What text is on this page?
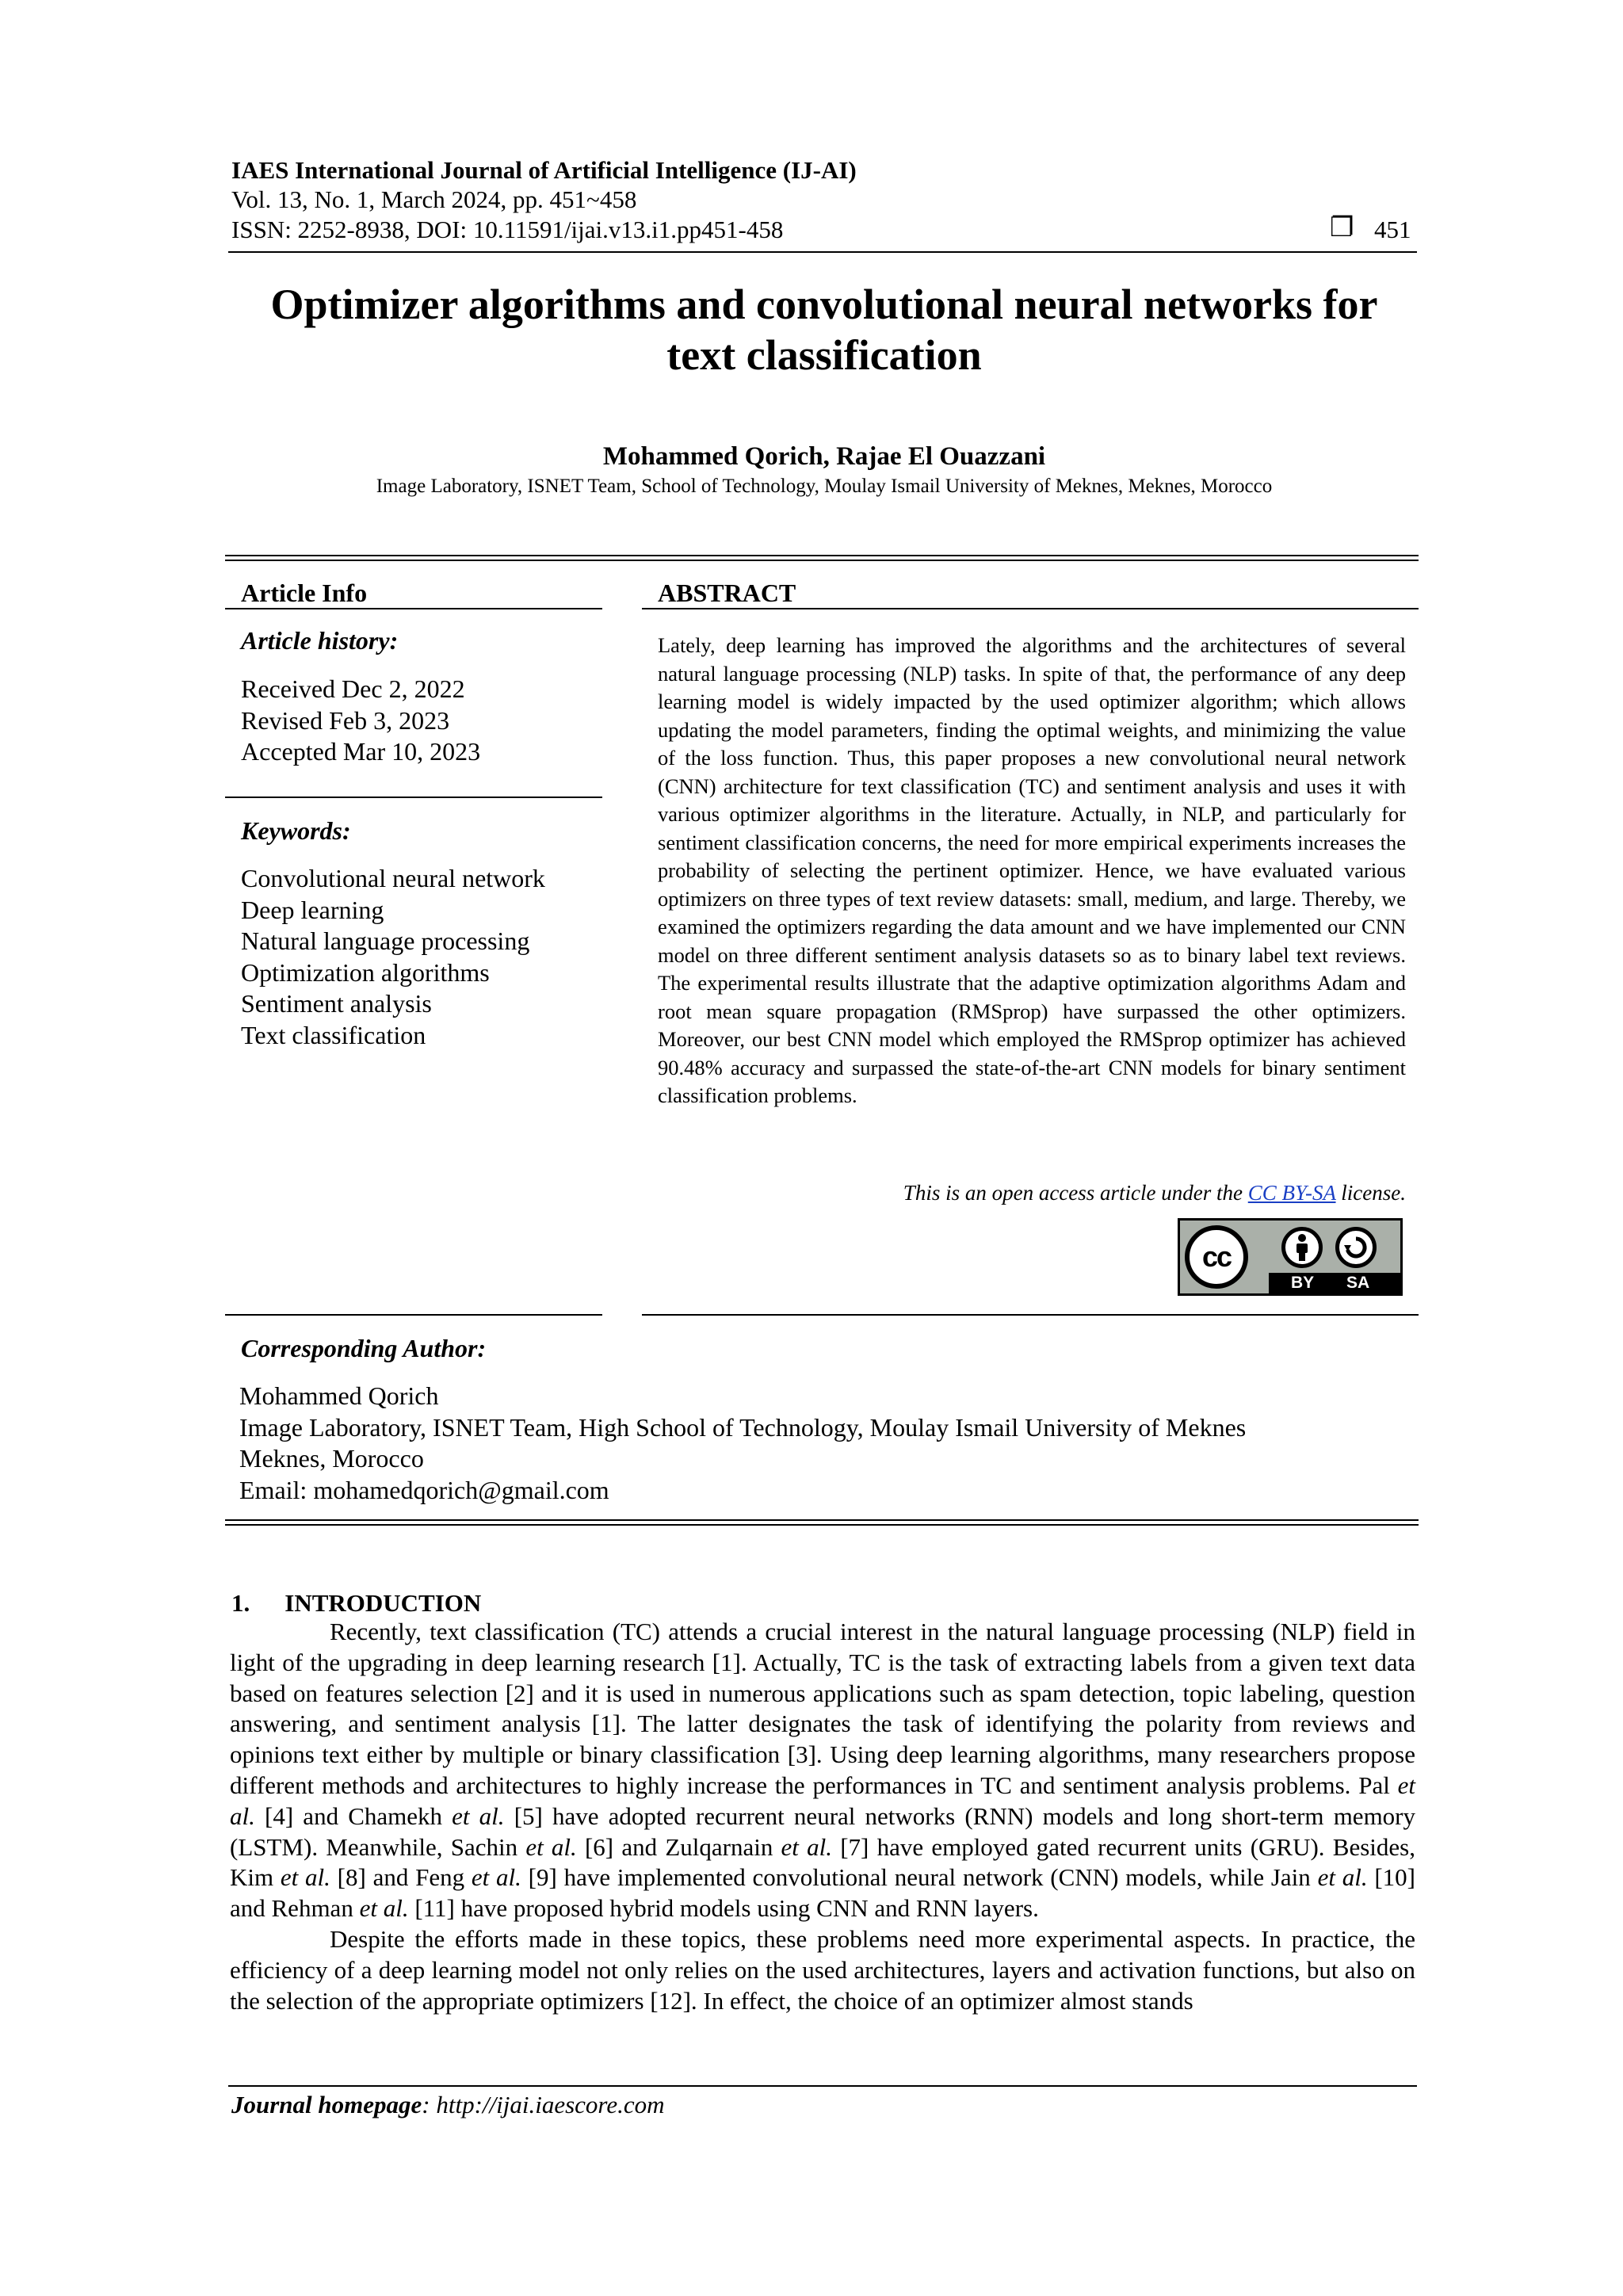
IAES International Journal of Artificial Intelligence (IJ-AI)
Vol. 13, No. 1, March 2024, pp. 451~458
ISSN: 2252-8938, DOI: 10.11591/ijai.v13.i1.pp451-458	❐ 451
Optimizer algorithms and convolutional neural networks for
text classification
Mohammed Qorich, Rajae El Ouazzani
Image Laboratory, ISNET Team, School of Technology, Moulay Ismail University of Meknes, Meknes, Morocco
Article Info
Article history:
Received Dec 2, 2022
Revised Feb 3, 2023
Accepted Mar 10, 2023
Keywords:
Convolutional neural network
Deep learning
Natural language processing
Optimization algorithms
Sentiment analysis
Text classification
ABSTRACT
Lately, deep learning has improved the algorithms and the architectures of several natural language processing (NLP) tasks. In spite of that, the performance of any deep learning model is widely impacted by the used optimizer algorithm; which allows updating the model parameters, finding the optimal weights, and minimizing the value of the loss function. Thus, this paper proposes a new convolutional neural network (CNN) architecture for text classification (TC) and sentiment analysis and uses it with various optimizer algorithms in the literature. Actually, in NLP, and particularly for sentiment classification concerns, the need for more empirical experiments increases the probability of selecting the pertinent optimizer. Hence, we have evaluated various optimizers on three types of text review datasets: small, medium, and large. Thereby, we examined the optimizers regarding the data amount and we have implemented our CNN model on three different sentiment analysis datasets so as to binary label text reviews. The experimental results illustrate that the adaptive optimization algorithms Adam and root mean square propagation (RMSprop) have surpassed the other optimizers. Moreover, our best CNN model which employed the RMSprop optimizer has achieved 90.48% accuracy and surpassed the state-of-the-art CNN models for binary sentiment classification problems.
This is an open access article under the CC BY-SA license.
cc
BY SA
Corresponding Author:
Mohammed Qorich
Image Laboratory, ISNET Team, High School of Technology, Moulay Ismail University of Meknes
Meknes, Morocco
Email: mohamedqorich@gmail.com
1. INTRODUCTION

Recently, text classification (TC) attends a crucial interest in the natural language processing (NLP) field in light of the upgrading in deep learning research [1]. Actually, TC is the task of extracting labels from a given text data based on features selection [2] and it is used in numerous applications such as spam detection, topic labeling, question answering, and sentiment analysis [1]. The latter designates the task of identifying the polarity from reviews and opinions text either by multiple or binary classification [3]. Using deep learning algorithms, many researchers propose different methods and architectures to highly increase the performances in TC and sentiment analysis problems. Pal et al. [4] and Chamekh et al. [5] have adopted recurrent neural networks (RNN) models and long short-term memory (LSTM). Meanwhile, Sachin et al. [6] and Zulqarnain et al. [7] have employed gated recurrent units (GRU). Besides, Kim et al. [8] and Feng et al. [9] have implemented convolutional neural network (CNN) models, while Jain et al. [10] and Rehman et al. [11] have proposed hybrid models using CNN and RNN layers.

Despite the efforts made in these topics, these problems need more experimental aspects. In practice, the efficiency of a deep learning model not only relies on the used architectures, layers and activation functions, but also on the selection of the appropriate optimizers [12]. In effect, the choice of an optimizer almost stands

Journal homepage: http://ijai.iaescore.com
